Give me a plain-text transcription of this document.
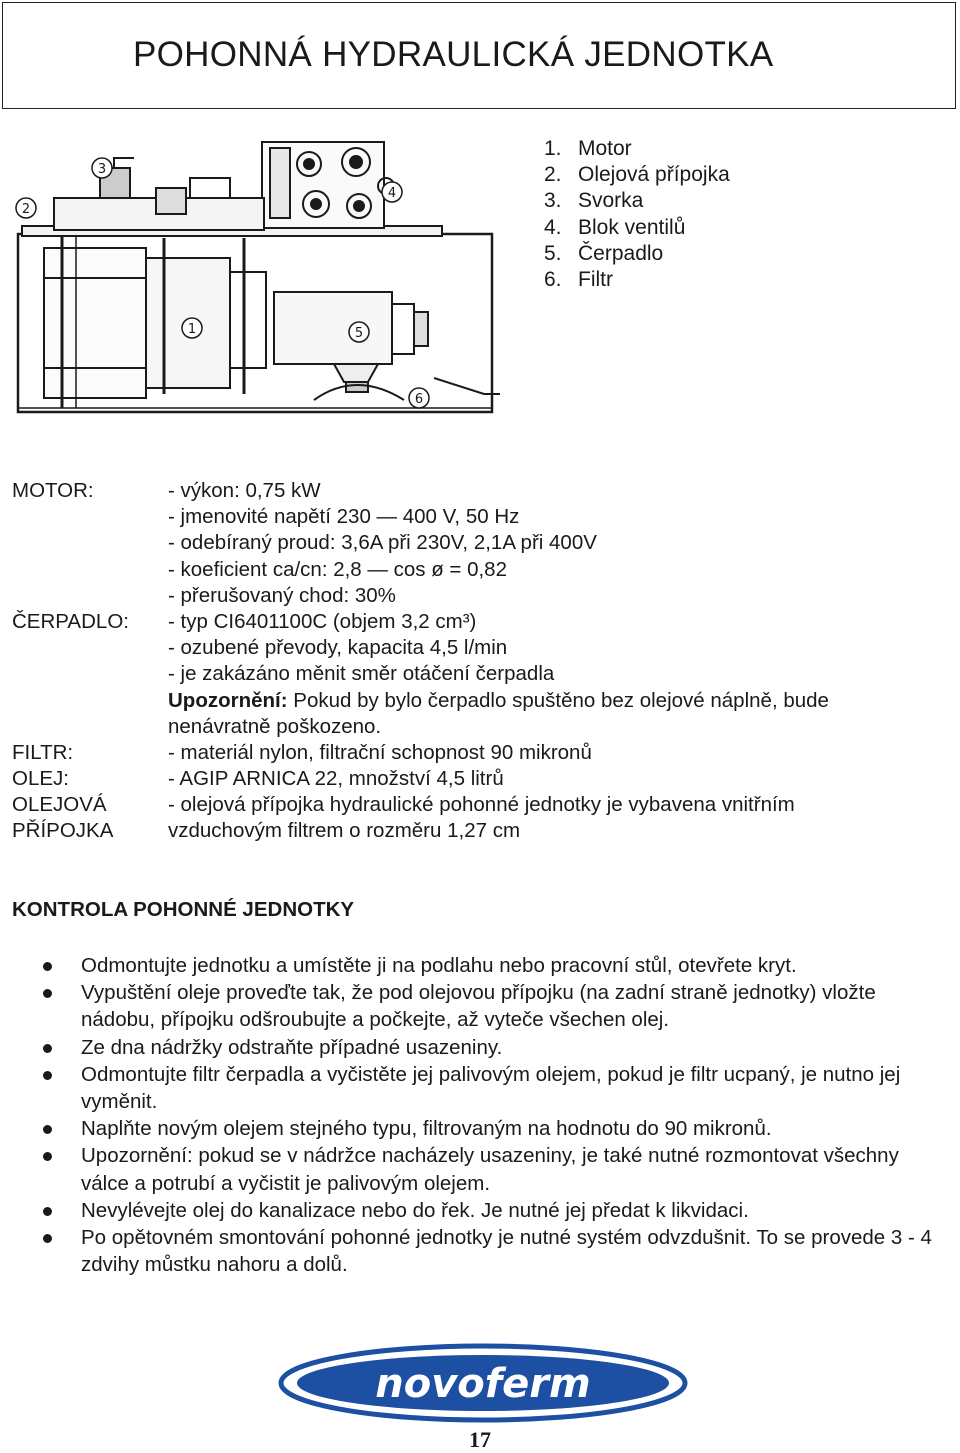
POHONNÁ HYDRAULICKÁ JEDNOTKA
1
2
3
4
5
6
1. Motor
2. Olejová přípojka
3. Svorka
4. Blok ventilů
5. Čerpadlo
6. Filtr
MOTOR:	- výkon: 0,75 kW
- jmenovité napětí 230 — 400 V, 50 Hz
- odebíraný proud: 3,6A při 230V, 2,1A při 400V
- koeficient ca/cn: 2,8 — cos ø = 0,82
- přerušovaný chod: 30%
ČERPADLO: - typ CI6401100C (objem 3,2 cm³)
- ozubené převody, kapacita 4,5 l/min
- je zakázáno měnit směr otáčení čerpadla
Upozornění: Pokud by bylo čerpadlo spuštěno bez olejové náplně, bude
nenávratně poškozeno.
FILTR:	- materiál nylon, filtrační schopnost 90 mikronů
OLEJ:	- AGIP ARNICA 22, množství 4,5 litrů
OLEJOVÁ	- olejová přípojka hydraulické pohonné jednotky je vybavena vnitřním
PŘÍPOJKA	vzduchovým filtrem o rozměru 1,27 cm
KONTROLA POHONNÉ JEDNOTKY
Odmontujte jednotku a umístěte ji na podlahu nebo pracovní stůl, otevřete kryt.
Vypuštění oleje proveďte tak, že pod olejovou přípojku (na zadní straně jednotky) vložte nádobu, přípojku odšroubujte a počkejte, až vyteče všechen olej.
Ze dna nádržky odstraňte případné usazeniny.
Odmontujte filtr čerpadla a vyčistěte jej palivovým olejem, pokud je filtr ucpaný, je nutno jej vyměnit.
Naplňte novým olejem stejného typu, filtrovaným na hodnotu do 90 mikronů.
Upozornění: pokud se v nádržce nacházely usazeniny, je také nutné rozmontovat všechny válce a potrubí a vyčistit je palivovým olejem.
Nevylévejte olej do kanalizace nebo do řek. Je nutné jej předat k likvidaci.
Po opětovném smontování pohonné jednotky je nutné systém odvzdušnit. To se provede 3 - 4 zdvihy můstku nahoru a dolů.
novoferm
17
